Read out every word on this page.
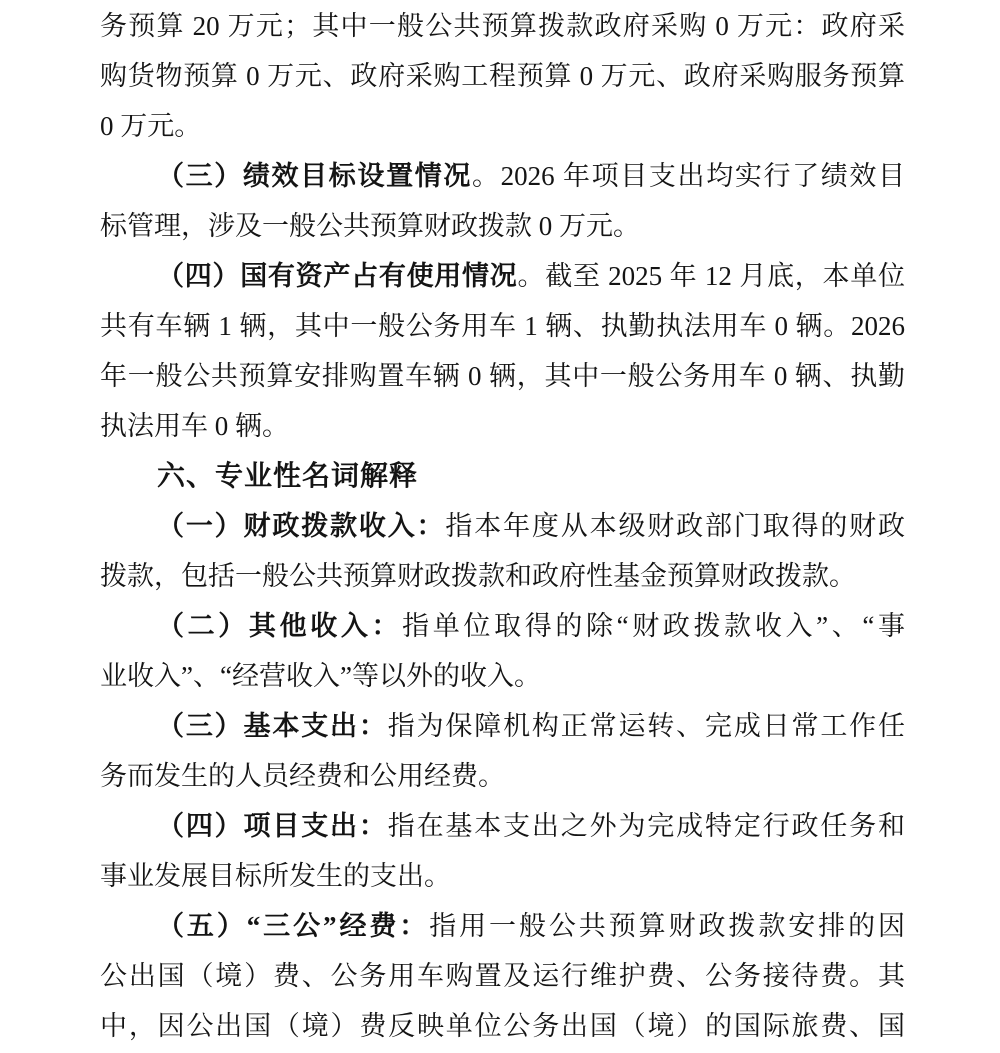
务预算 20 万元；其中一般公共预算拨款政府采购 0 万元：政府采
购货物预算 0 万元、政府采购工程预算 0 万元、政府采购服务预算
0 万元。
（三）绩效目标设置情况。2026 年项目支出均实行了绩效目
标管理，涉及一般公共预算财政拨款 0 万元。
（四）国有资产占有使用情况。截至 2025 年 12 月底，本单位
共有车辆 1 辆，其中一般公务用车 1 辆、执勤执法用车 0 辆。2026
年一般公共预算安排购置车辆 0 辆，其中一般公务用车 0 辆、执勤
执法用车 0 辆。
六、专业性名词解释
（一）财政拨款收入：指本年度从本级财政部门取得的财政
拨款，包括一般公共预算财政拨款和政府性基金预算财政拨款。
（二）其他收入：指单位取得的除“财政拨款收入”、“事
业收入”、“经营收入”等以外的收入。
（三）基本支出：指为保障机构正常运转、完成日常工作任
务而发生的人员经费和公用经费。
（四）项目支出：指在基本支出之外为完成特定行政任务和
事业发展目标所发生的支出。
（五）“三公”经费：指用一般公共预算财政拨款安排的因
公出国（境）费、公务用车购置及运行维护费、公务接待费。其
中，因公出国（境）费反映单位公务出国（境）的国际旅费、国
